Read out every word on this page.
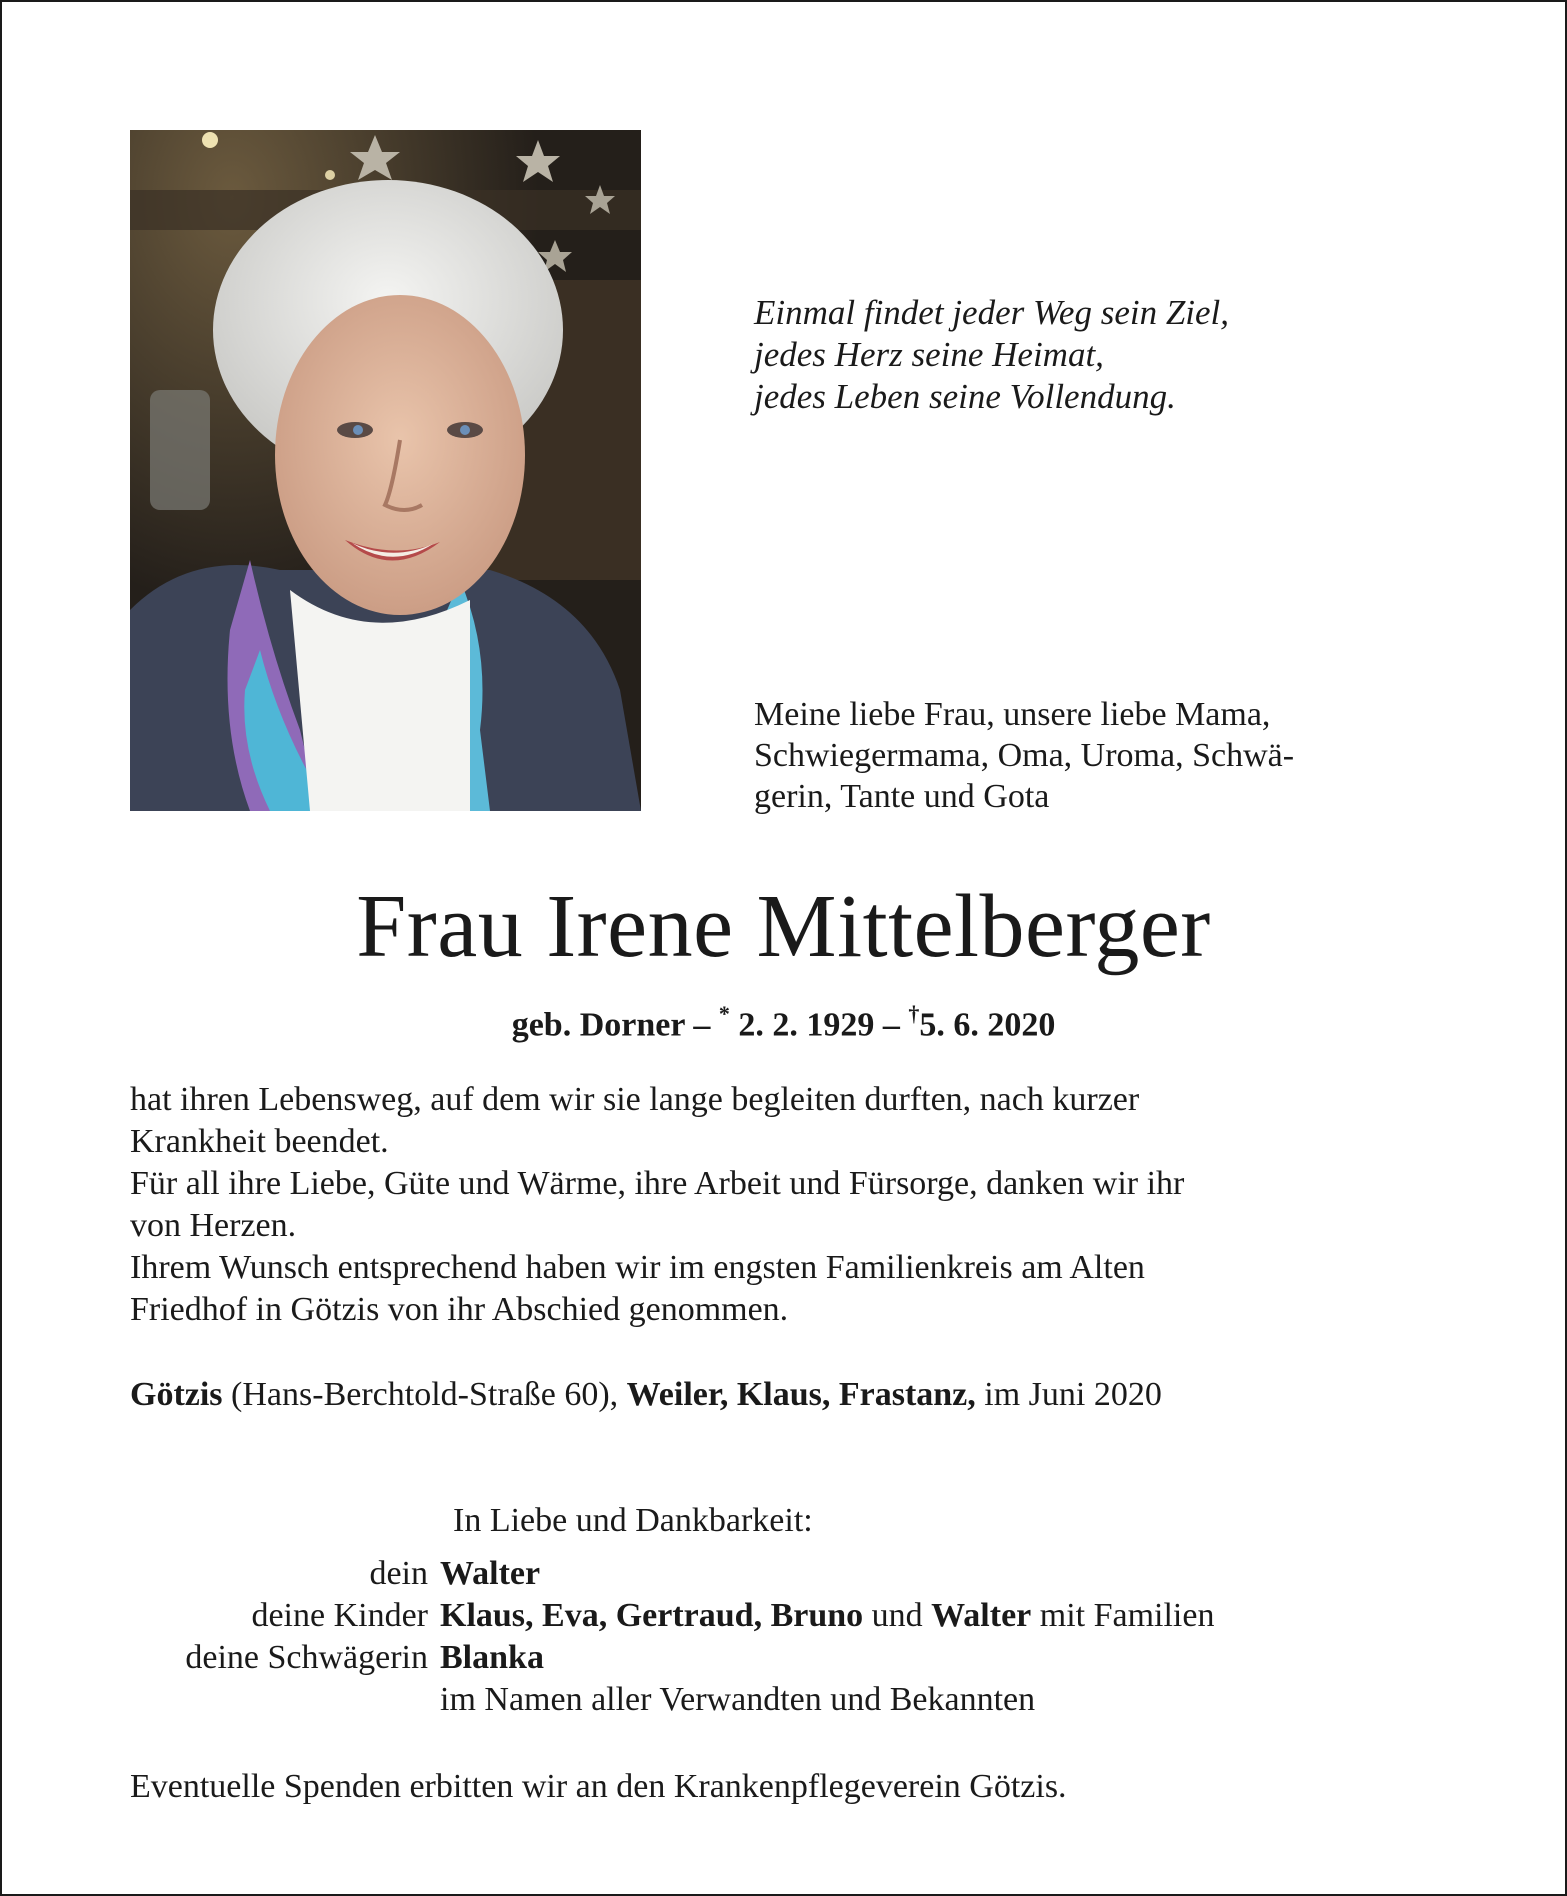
Einmal findet jeder Weg sein Ziel,
jedes Herz seine Heimat,
jedes Leben seine Vollendung.
Meine liebe Frau, unsere liebe Mama,
Schwiegermama, Oma, Uroma, Schwä-
gerin, Tante und Gota
Frau Irene Mittelberger
geb. Dorner – * 2. 2. 1929 – †5. 6. 2020
hat ihren Lebensweg, auf dem wir sie lange begleiten durften, nach kurzer
Krankheit beendet.
Für all ihre Liebe, Güte und Wärme, ihre Arbeit und Fürsorge, danken wir ihr
von Herzen.
Ihrem Wunsch entsprechend haben wir im engsten Familienkreis am Alten
Friedhof in Götzis von ihr Abschied genommen.
Götzis (Hans-Berchtold-Straße 60), Weiler, Klaus, Frastanz, im Juni 2020
In Liebe und Dankbarkeit:
dein Walter
deine Kinder Klaus, Eva, Gertraud, Bruno und Walter mit Familien
deine Schwägerin Blanka
im Namen aller Verwandten und Bekannten
Eventuelle Spenden erbitten wir an den Krankenpflegeverein Götzis.
